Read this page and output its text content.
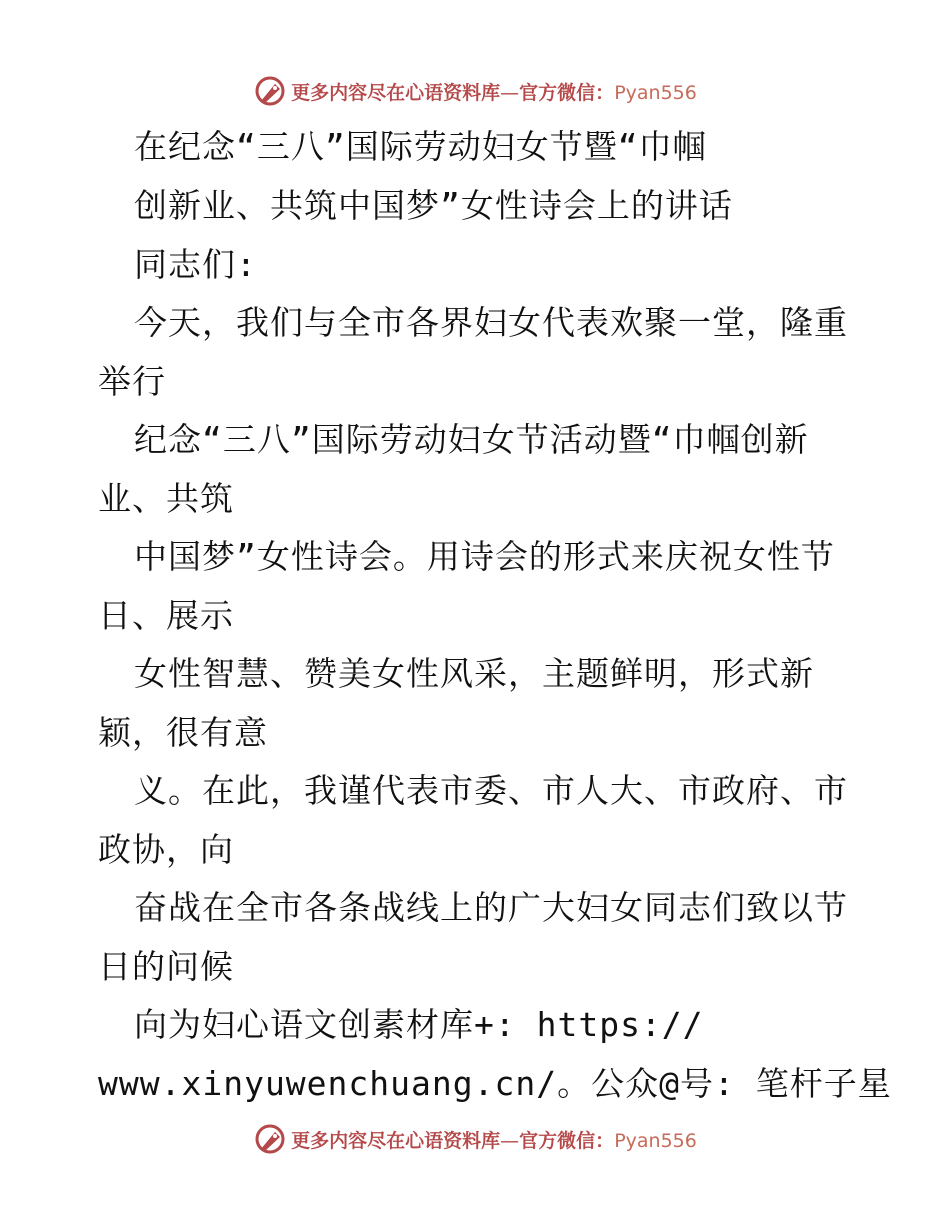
更多内容尽在心语资料库—官方微信：Pyan556
在纪念“三八”国际劳动妇女节暨“巾帼
创新业、共筑中国梦”女性诗会上的讲话
同志们:
今天，我们与全市各界妇女代表欢聚一堂，隆重
举行
纪念“三八”国际劳动妇女节活动暨“巾帼创新
业、共筑
中国梦”女性诗会。用诗会的形式来庆祝女性节
日、展示
女性智慧、赞美女性风采，主题鲜明，形式新
颖，很有意
义。在此，我谨代表市委、市人大、市政府、市
政协，向
奋战在全市各条战线上的广大妇女同志们致以节
日的问候
向为妇心语文创素材库+: https://
www.xinyuwenchuang.cn/。公众@号: 笔杆子星
更多内容尽在心语资料库—官方微信：Pyan556
